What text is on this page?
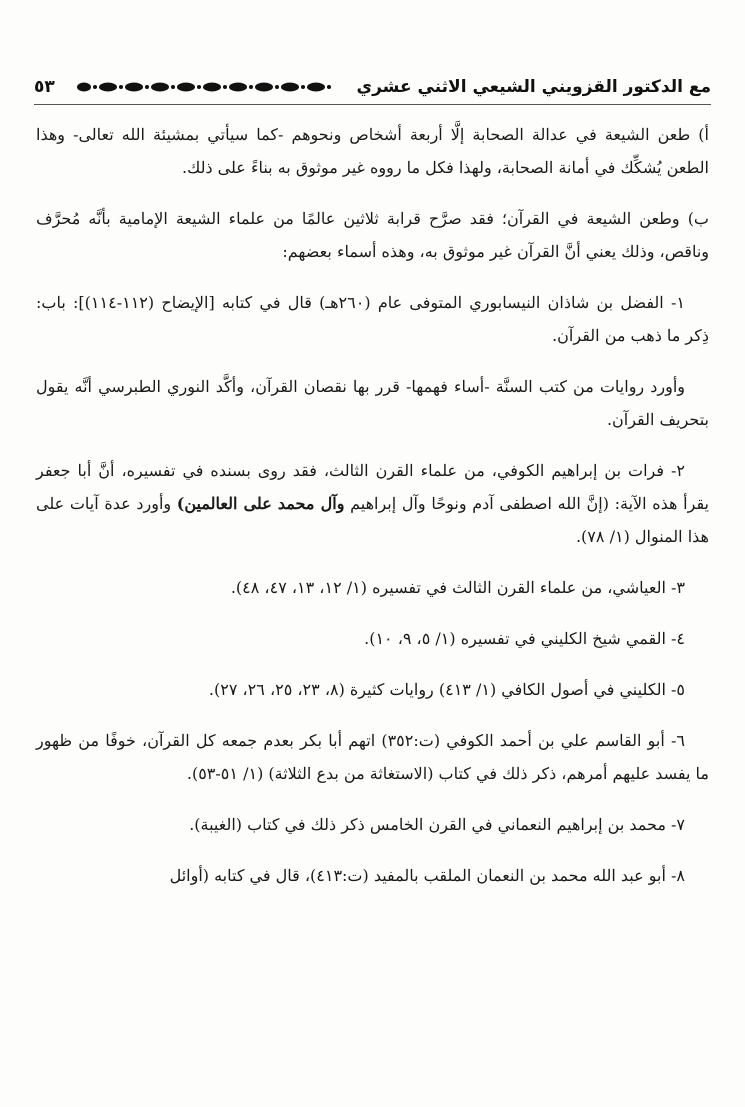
مع الدكتور القزويني الشيعي الاثني عشري
٥٣

أ) طعن الشيعة في عدالة الصحابة إلَّا أربعة أشخاص ونحوهم -كما سيأتي بمشيئة الله تعالى- وهذا الطعن يُشكِّك في أمانة الصحابة، ولهذا فكل ما رووه غير موثوق به بناءً على ذلك.

ب) وطعن الشيعة في القرآن؛ فقد صرَّح قرابة ثلاثين عالمًا من علماء الشيعة الإمامية بأنَّه مُحرَّف وناقص، وذلك يعني أنَّ القرآن غير موثوق به، وهذه أسماء بعضهم:

١- الفضل بن شاذان النيسابوري المتوفى عام (٢٦٠هـ) قال في كتابه [الإيضاح (١١٢-١١٤)]: باب: ذِكر ما ذهب من القرآن.

وأورد روايات من كتب السنَّة -أساء فهمها- قرر بها نقصان القرآن، وأكَّد النوري الطبرسي أنَّه يقول بتحريف القرآن.

٢- فرات بن إبراهيم الكوفي، من علماء القرن الثالث، فقد روى بسنده في تفسيره، أنَّ أبا جعفر يقرأ هذه الآية: (إنَّ الله اصطفى آدم ونوحًا وآل إبراهيم وآل محمد على العالمين) وأورد عدة آيات على هذا المنوال (١/ ٧٨).

٣- العياشي، من علماء القرن الثالث في تفسيره (١/ ١٢، ١٣، ٤٧، ٤٨).

٤- القمي شيخ الكليني في تفسيره (١/ ٥، ٩، ١٠).

٥- الكليني في أصول الكافي (١/ ٤١٣) روايات كثيرة (٨، ٢٣، ٢٥، ٢٦، ٢٧).

٦- أبو القاسم علي بن أحمد الكوفي (ت:٣٥٢) اتهم أبا بكر بعدم جمعه كل القرآن، خوفًا من ظهور ما يفسد عليهم أمرهم، ذكر ذلك في كتاب (الاستغاثة من بدع الثلاثة) (١/ ٥١-٥٣).

٧- محمد بن إبراهيم النعماني في القرن الخامس ذكر ذلك في كتاب (الغيبة).

٨- أبو عبد الله محمد بن النعمان الملقب بالمفيد (ت:٤١٣)، قال في كتابه (أوائل
